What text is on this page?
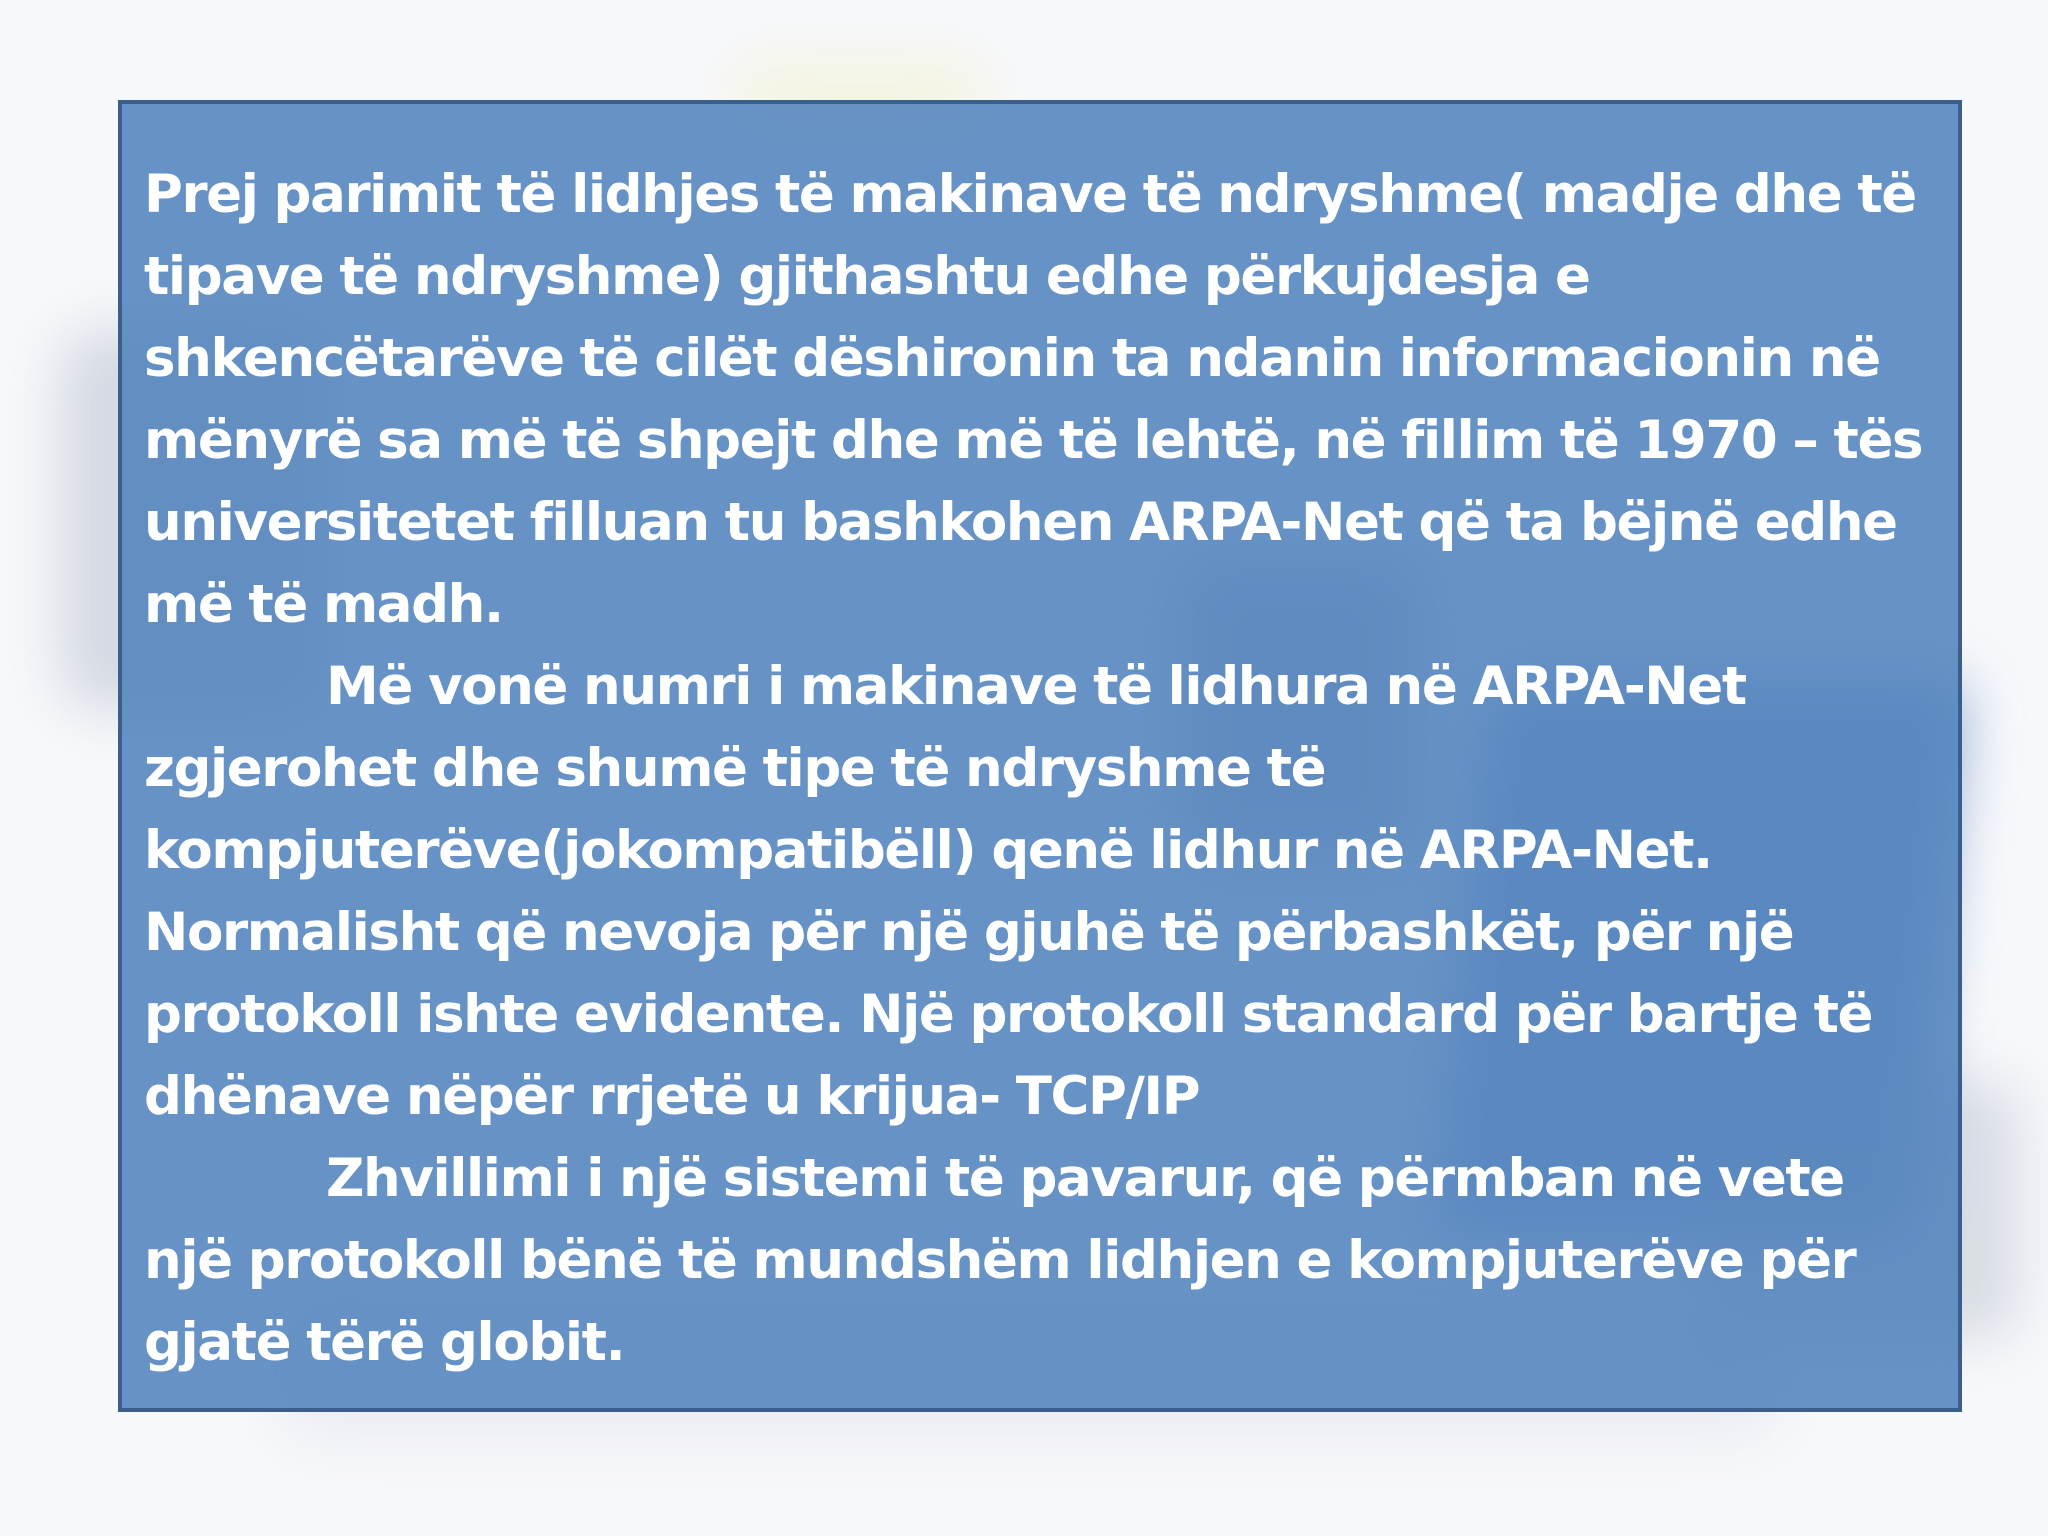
Prej parimit të lidhjes të makinave të ndryshme( madje dhe të tipave të ndryshme) gjithashtu edhe përkujdesja e shkencëtarëve të cilët dëshironin ta ndanin informacionin në mënyrë sa më të shpejt dhe më të lehtë, në fillim të 1970 – tës universitetet filluan tu bashkohen ARPA-Net që ta bëjnë edhe më të madh.

Më vonë numri i makinave të lidhura në ARPA-Net zgjerohet dhe shumë tipe të ndryshme të kompjuterëve(jokompatibëll) qenë lidhur në ARPA-Net. Normalisht që nevoja për një gjuhë të përbashkët, për një protokoll ishte evidente. Një protokoll standard për bartje të dhënave nëpër rrjetë u krijua- TCP/IP

Zhvillimi i një sistemi të pavarur, që përmban në vete një protokoll bënë të mundshëm lidhjen e kompjuterëve për gjatë tërë globit.
